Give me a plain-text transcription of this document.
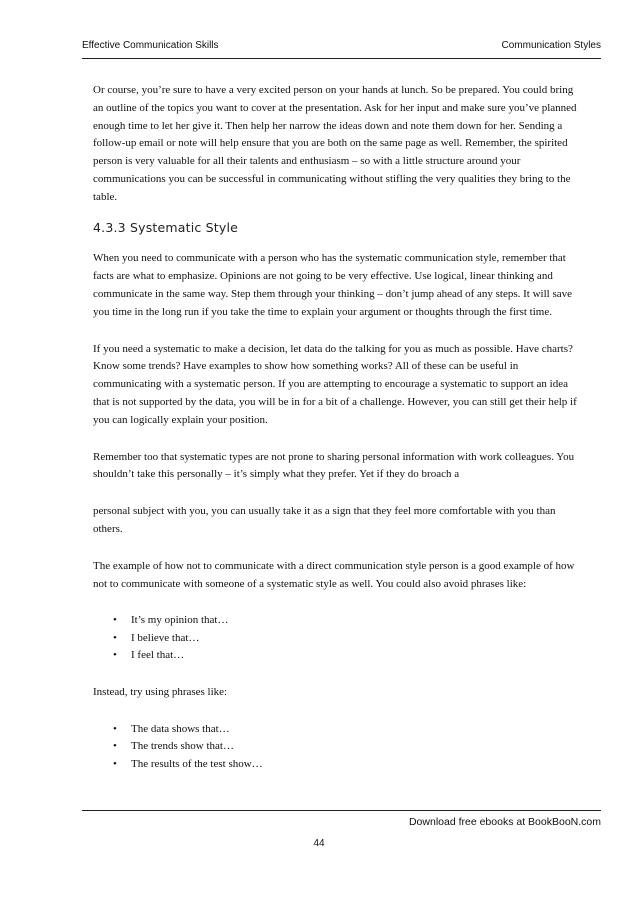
Effective Communication Skills	Communication Styles

Or course, you’re sure to have a very excited person on your hands at lunch. So be prepared. You could bring an outline of the topics you want to cover at the presentation. Ask for her input and make sure you’ve planned enough time to let her give it. Then help her narrow the ideas down and note them down for her. Sending a follow-up email or note will help ensure that you are both on the same page as well. Remember, the spirited person is very valuable for all their talents and enthusiasm – so with a little structure around your communications you can be successful in communicating without stifling the very qualities they bring to the table.

4.3.3 Systematic Style

When you need to communicate with a person who has the systematic communication style, remember that facts are what to emphasize. Opinions are not going to be very effective. Use logical, linear thinking and communicate in the same way. Step them through your thinking – don’t jump ahead of any steps. It will save you time in the long run if you take the time to explain your argument or thoughts through the first time.

If you need a systematic to make a decision, let data do the talking for you as much as possible. Have charts? Know some trends? Have examples to show how something works? All of these can be useful in communicating with a systematic person. If you are attempting to encourage a systematic to support an idea that is not supported by the data, you will be in for a bit of a challenge. However, you can still get their help if you can logically explain your position.

Remember too that systematic types are not prone to sharing personal information with work colleagues. You shouldn’t take this personally – it’s simply what they prefer. Yet if they do broach a

personal subject with you, you can usually take it as a sign that they feel more comfortable with you than others.

The example of how not to communicate with a direct communication style person is a good example of how not to communicate with someone of a systematic style as well. You could also avoid phrases like:

• It’s my opinion that…
• I believe that…
• I feel that…

Instead, try using phrases like:

• The data shows that…
• The trends show that…
• The results of the test show…
Download free ebooks at BookBooN.com
44
